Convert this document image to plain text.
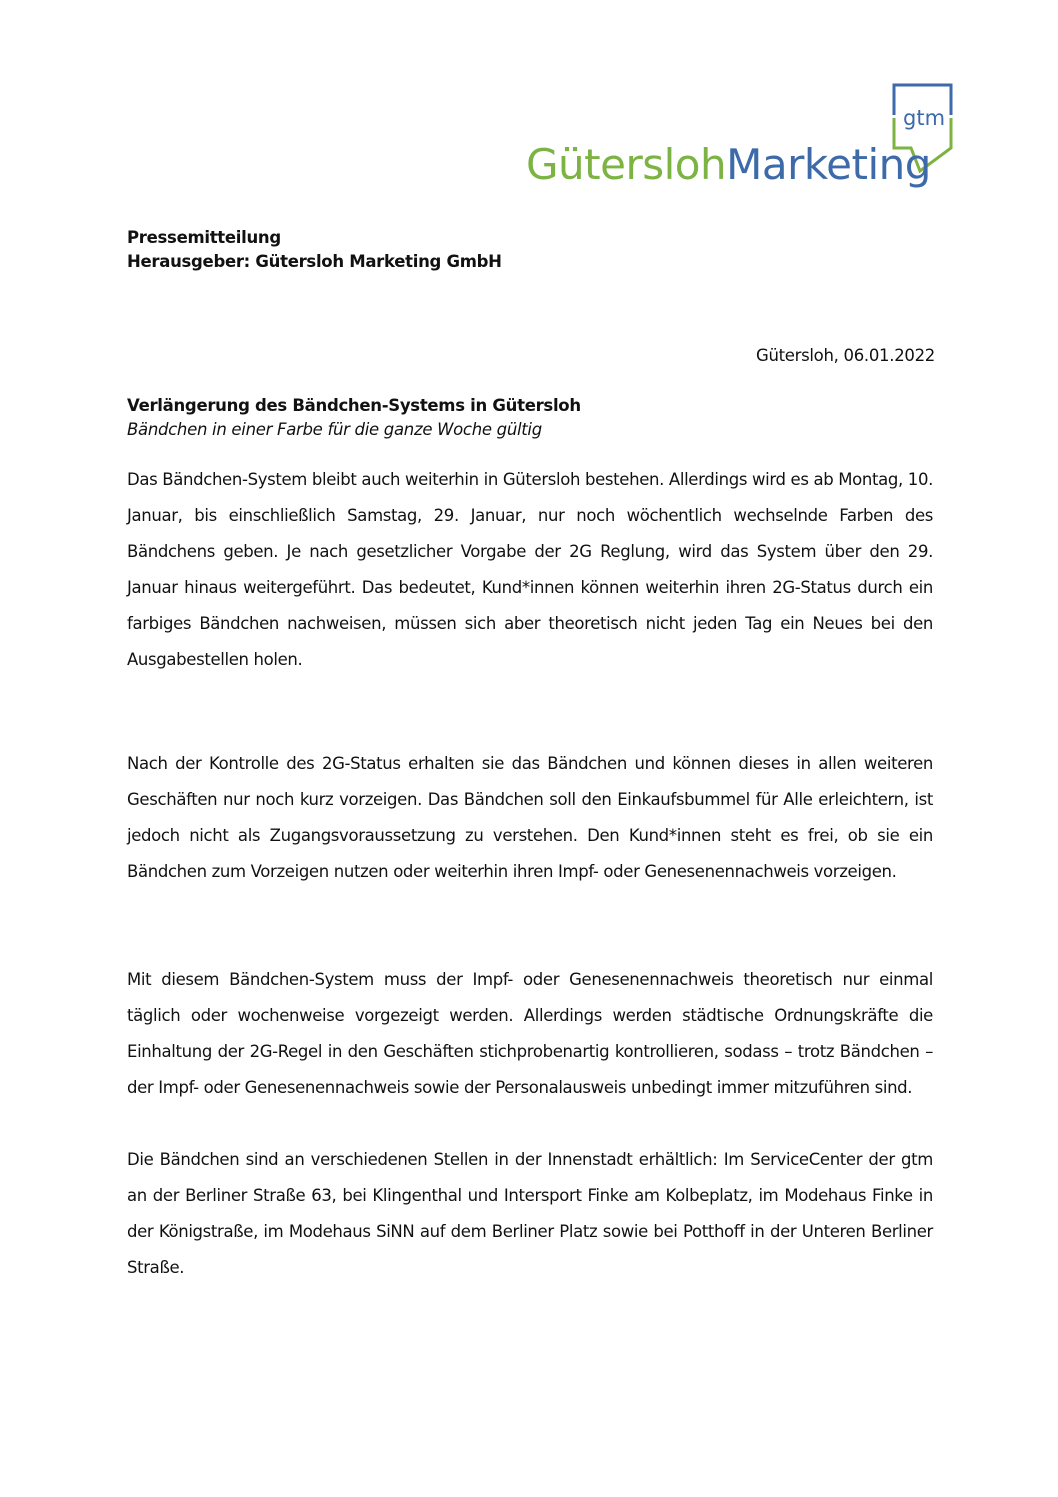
gtm
GüterslohMarketing
Pressemitteilung
Herausgeber: Gütersloh Marketing GmbH
Gütersloh, 06.01.2022
Verlängerung des Bändchen-Systems in Gütersloh
Bändchen in einer Farbe für die ganze Woche gültig

Das Bändchen-System bleibt auch weiterhin in Gütersloh bestehen. Allerdings wird es ab Montag, 10. Januar, bis einschließlich Samstag, 29. Januar, nur noch wöchentlich wechselnde Farben des Bändchens geben. Je nach gesetzlicher Vorgabe der 2G Reglung, wird das System über den 29. Januar hinaus weitergeführt. Das bedeutet, Kund*innen können weiterhin ihren 2G-Status durch ein farbiges Bändchen nachweisen, müssen sich aber theoretisch nicht jeden Tag ein Neues bei den Ausgabestellen holen.

Nach der Kontrolle des 2G-Status erhalten sie das Bändchen und können dieses in allen weiteren Geschäften nur noch kurz vorzeigen. Das Bändchen soll den Einkaufsbummel für Alle erleichtern, ist jedoch nicht als Zugangsvoraussetzung zu verstehen. Den Kund*innen steht es frei, ob sie ein Bändchen zum Vorzeigen nutzen oder weiterhin ihren Impf- oder Genesenennachweis vorzeigen.

Mit diesem Bändchen-System muss der Impf- oder Genesenennachweis theoretisch nur einmal täglich oder wochenweise vorgezeigt werden. Allerdings werden städtische Ordnungskräfte die Einhaltung der 2G-Regel in den Geschäften stichprobenartig kontrollieren, sodass – trotz Bändchen – der Impf- oder Genesenennachweis sowie der Personalausweis unbedingt immer mitzuführen sind.

Die Bändchen sind an verschiedenen Stellen in der Innenstadt erhältlich: Im ServiceCenter der gtm an der Berliner Straße 63, bei Klingenthal und Intersport Finke am Kolbeplatz, im Modehaus Finke in der Königstraße, im Modehaus SiNN auf dem Berliner Platz sowie bei Potthoff in der Unteren Berliner Straße.
